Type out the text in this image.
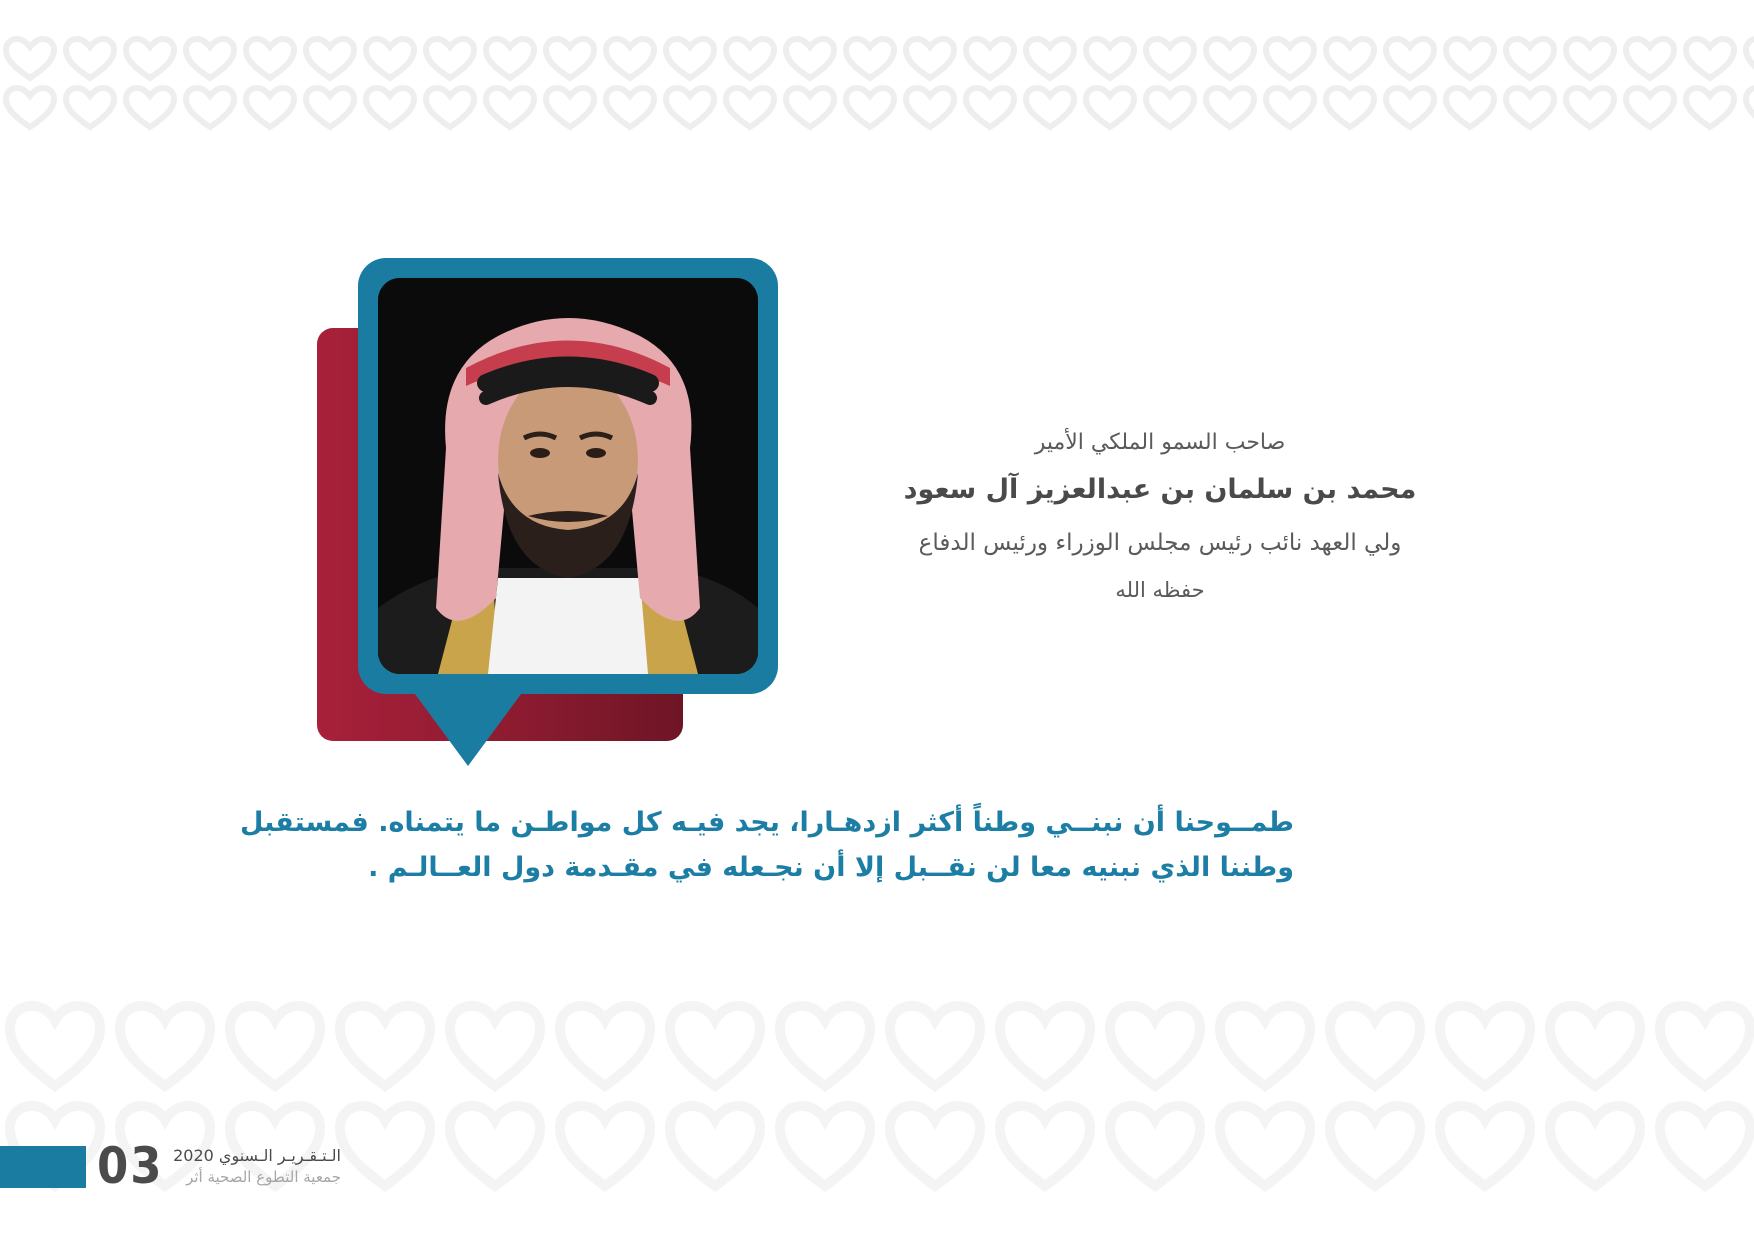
صاحب السمو الملكي الأمير
محمد بن سلمان بن عبدالعزيز آل سعود
ولي العهد نائب رئيس مجلس الوزراء ورئيس الدفاع
حفظه الله
طمــوحنا أن نبنــي وطناً أكثر ازدهـارا، يجد فيـه كل مواطـن ما يتمناه. فمستقبل
وطننا الذي نبنيه معا لن نقــبل إلا أن نجـعله في مقـدمة دول العــالـم .
03 الـتـقـريـر الـسنوي 2020
جمعية التطوع الصحية أثر
